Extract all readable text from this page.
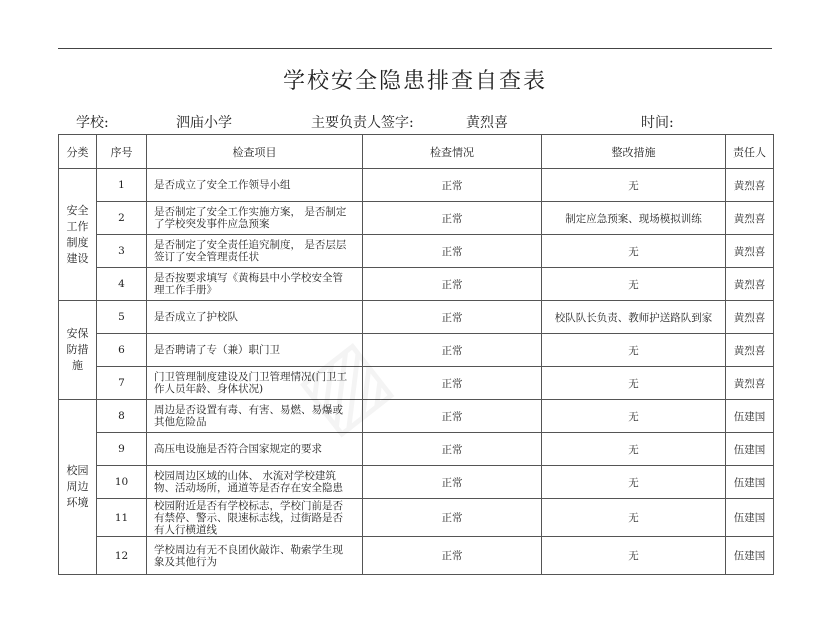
学校安全隐患排查自查表
学校:	泗庙小学	主要负责人签字:	黄烈喜	时间:
分类	序号	检查项目	检查情况	整改措施	责任人
安全工作制度建设	1	是否成立了安全工作领导小组	正常	无	黄烈喜
	2	是否制定了安全工作实施方案， 是否制定了学校突发事件应急预案	正常	制定应急预案、现场模拟训练	黄烈喜
	3	是否制定了安全责任追究制度， 是否层层签订了安全管理责任状	正常	无	黄烈喜
	4	是否按要求填写《黄梅县中小学校安全管理工作手册》	正常	无	黄烈喜
安保防措施	5	是否成立了护校队	正常	校队队长负责、教师护送路队到家	黄烈喜
	6	是否聘请了专（兼）职门卫	正常	无	黄烈喜
	7	门卫管理制度建设及门卫管理情况(门卫工作人员年龄、身体状况)	正常	无	黄烈喜
校园周边环境	8	周边是否设置有毒、有害、易燃、易爆或其他危险品	正常	无	伍建国
	9	高压电设施是否符合国家规定的要求	正常	无	伍建国
	10	校园周边区域的山体、 水流对学校建筑物、活动场所，通道等是否存在安全隐患	正常	无	伍建国
	11	校园附近是否有学校标志，学校门前是否有禁停、警示、限速标志线，过街路是否有人行横道线	正常	无	伍建国
	12	学校周边有无不良团伙敲诈、勒索学生现象及其他行为	正常	无	伍建国
